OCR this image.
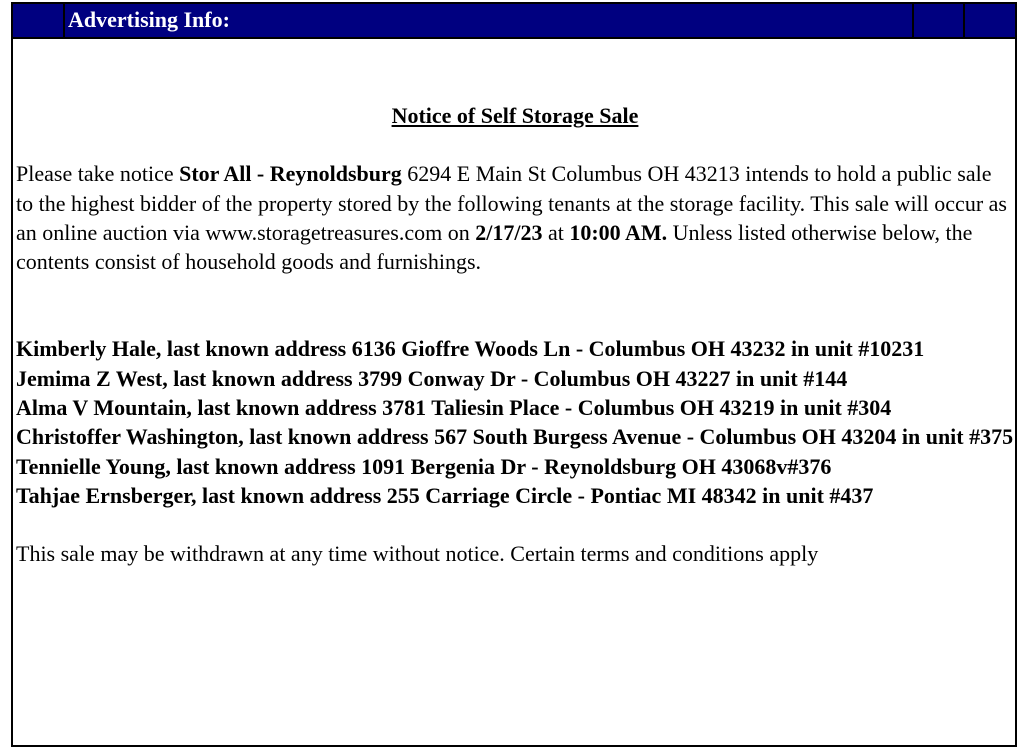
Advertising Info:
Notice of Self Storage Sale

Please take notice Stor All - Reynoldsburg 6294 E Main St Columbus OH 43213 intends to hold a public sale to the highest bidder of the property stored by the following tenants at the storage facility. This sale will occur as an online auction via www.storagetreasures.com on 2/17/23 at 10:00 AM. Unless listed otherwise below, the contents consist of household goods and furnishings.

Kimberly Hale, last known address 6136 Gioffre Woods Ln - Columbus OH 43232 in unit #10231

Jemima Z West, last known address 3799 Conway Dr - Columbus OH 43227 in unit #144

Alma V Mountain, last known address 3781 Taliesin Place - Columbus OH 43219 in unit #304

Christoffer Washington, last known address 567 South Burgess Avenue - Columbus OH 43204 in unit #375

Tennielle Young, last known address 1091 Bergenia Dr - Reynoldsburg OH 43068v#376

Tahjae Ernsberger, last known address 255 Carriage Circle - Pontiac MI 48342 in unit #437

This sale may be withdrawn at any time without notice. Certain terms and conditions apply
